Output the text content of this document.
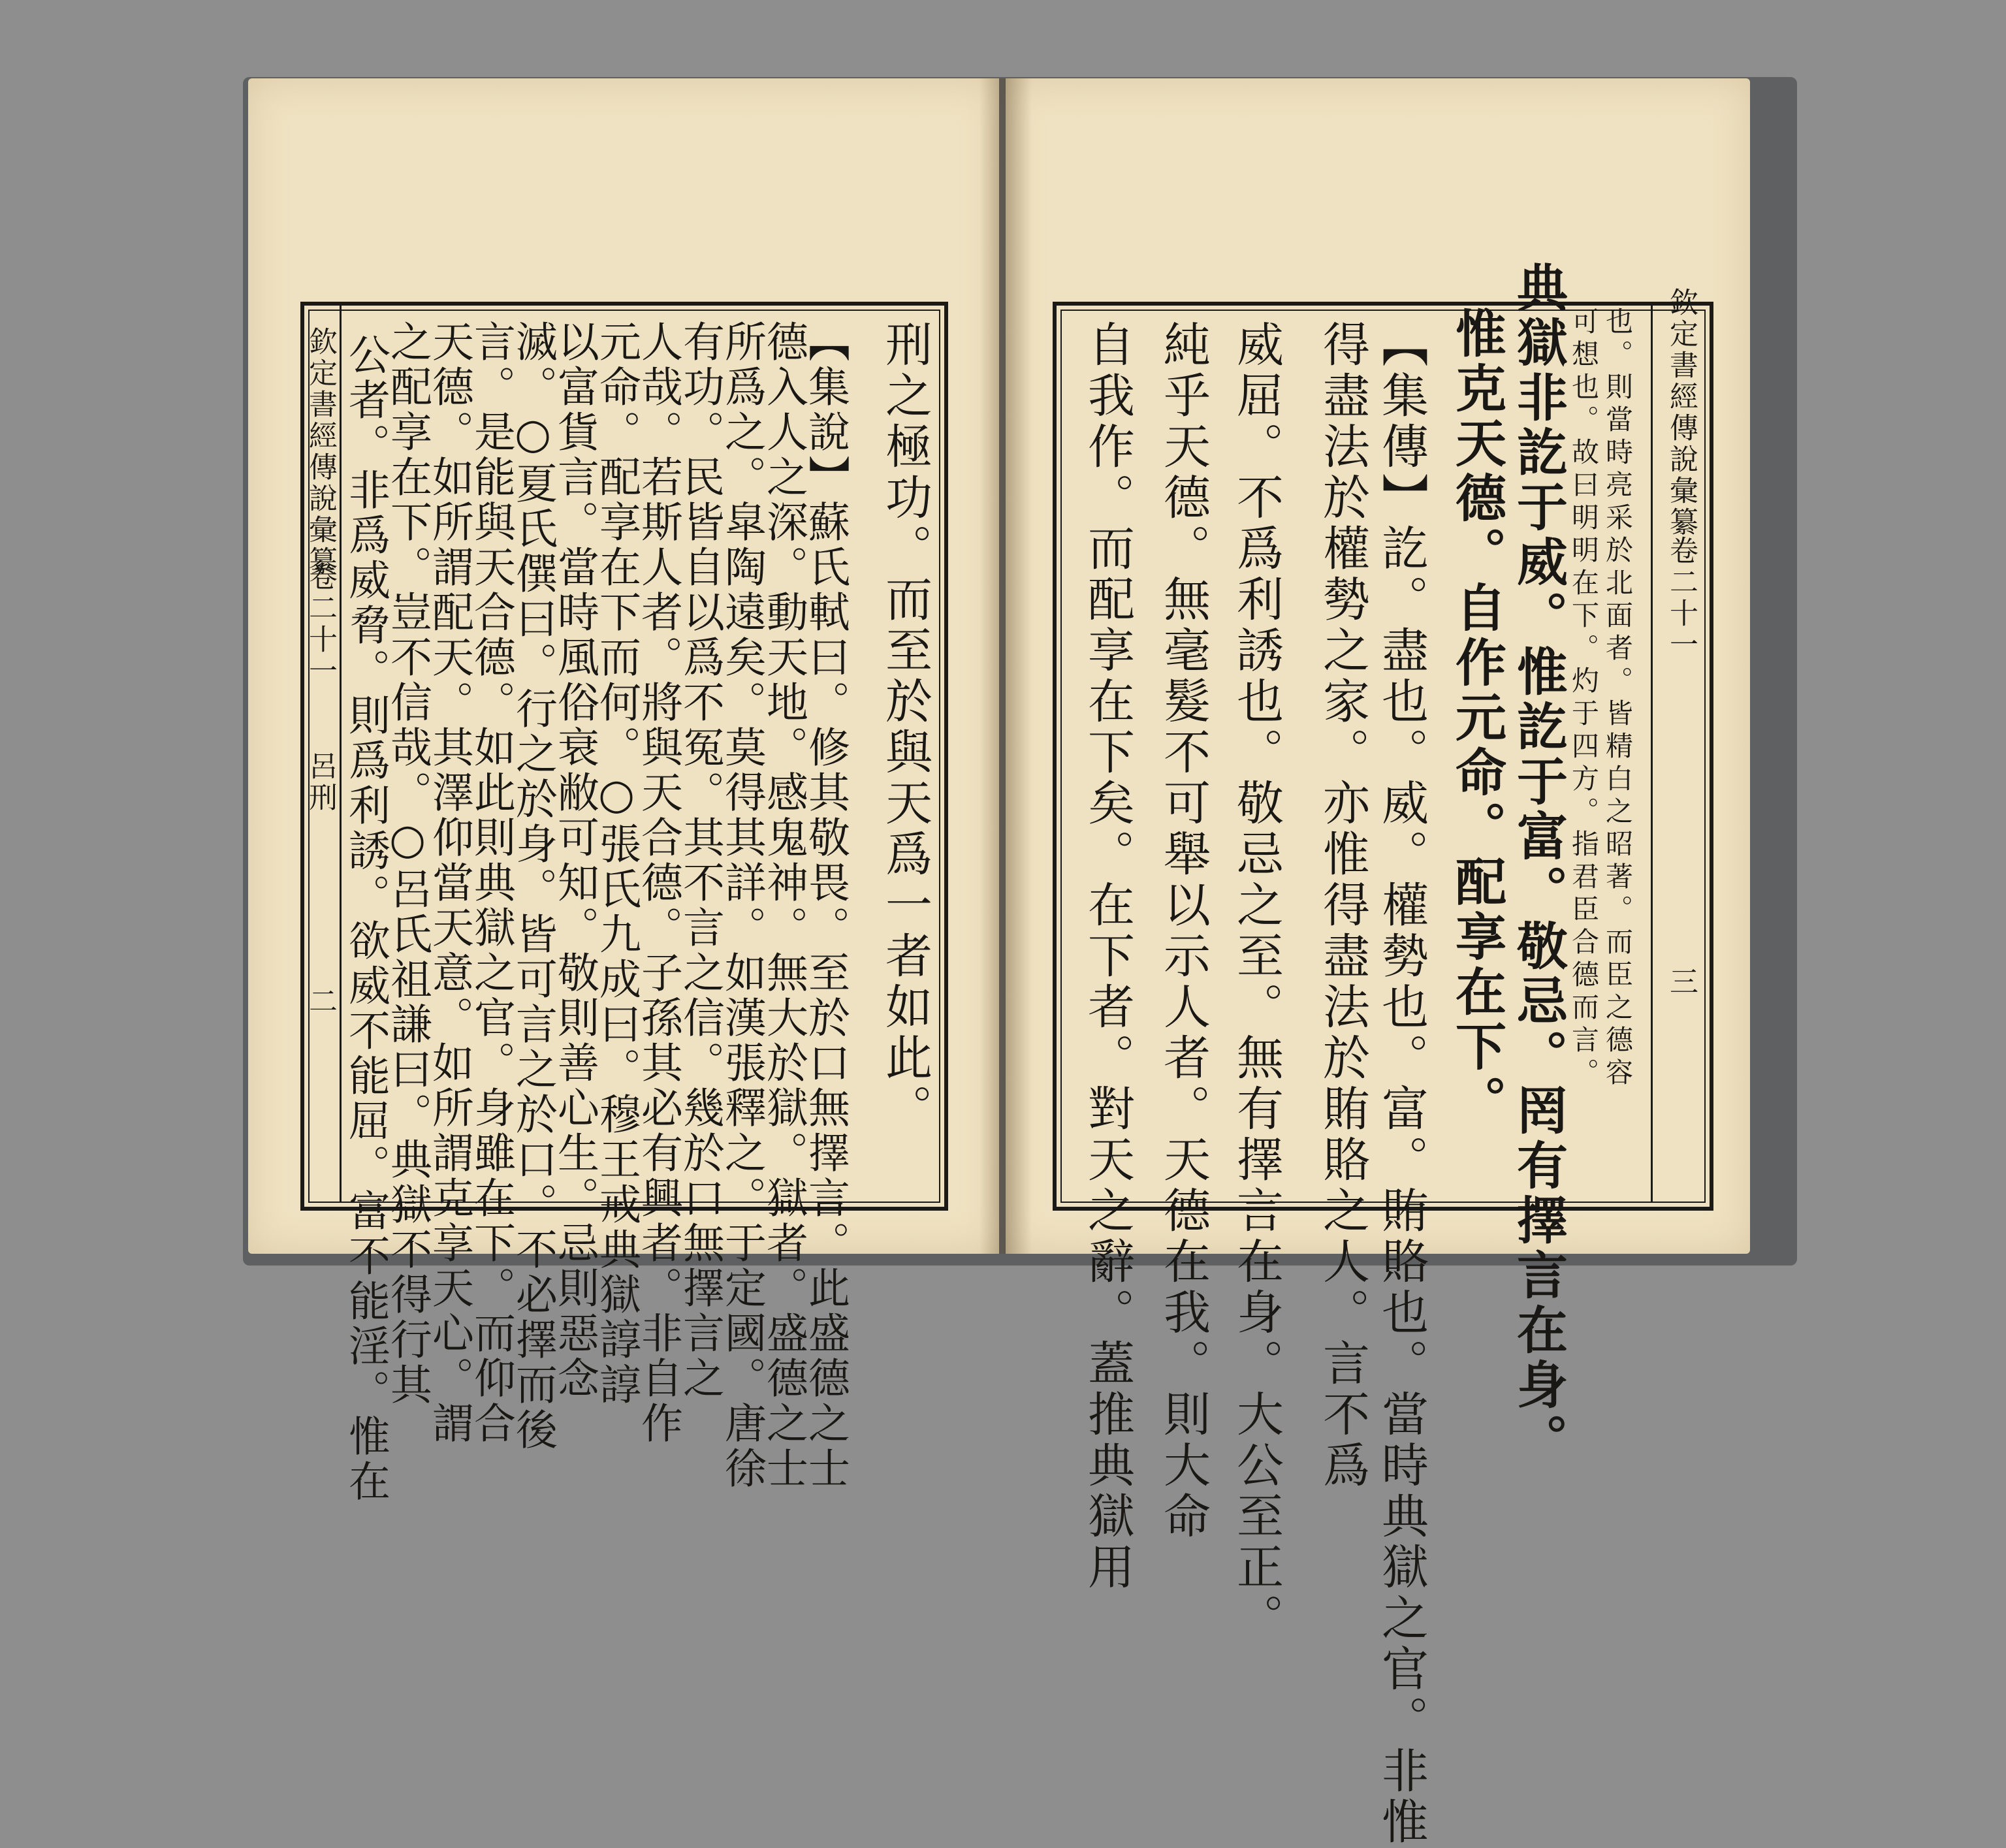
欽定書經傳說彙纂
卷二十一
呂刑
二	刑之極功。而至於與天爲一者如此。
【集說】蘇氏軾曰。修其敬畏。至於口無擇言。此盛德之士
德入人之深。動天地。感鬼神。無大於獄。獄者。盛德之士
所爲之。皐陶遠矣。莫得其詳。如漢張釋之。于定國。唐徐
有功。民皆自以爲不冤。其不言之信。幾於口無擇言之
人哉。若斯人者。將與天合德。子孫其必有興者。非自作
元命。配享在下而何。○張氏九成曰。穆王戒典獄諄諄
以富貨言。當時風俗衰敝可知。敬則善心生。忌則惡念
滅。○夏氏僎曰。行之於身。皆可言之於口。不必擇而後
言。是能與天合德。如此則典獄之官。身雖在下。而仰合
天德。如所謂配天。其澤仰當天意。如所謂克享天心。謂
之配享在下。豈不信哉。○呂氏祖謙曰。典獄不得行其
公者。非爲威脅。則爲利誘。欲威不能屈。富不能淫。惟在	欽定書經傳說彙纂
卷二十一
三
也。則當時亮采於北面者。皆精白之昭著。而臣之德容
可想也。故曰明明在下。灼于四方。指君臣合德而言。
典獄非訖于威。惟訖于富。敬忌。罔有擇言在身。
惟克天德。自作元命。配享在下。
【集傳】訖。盡也。威。權勢也。富。賄賂也。當時典獄之官。非惟
得盡法於權勢之家。亦惟得盡法於賄賂之人。言不爲
威屈。不爲利誘也。敬忌之至。無有擇言在身。大公至正。
純乎天德。無毫髮不可舉以示人者。天德在我。則大命
自我作。而配享在下矣。在下者。對天之辭。蓋推典獄用
